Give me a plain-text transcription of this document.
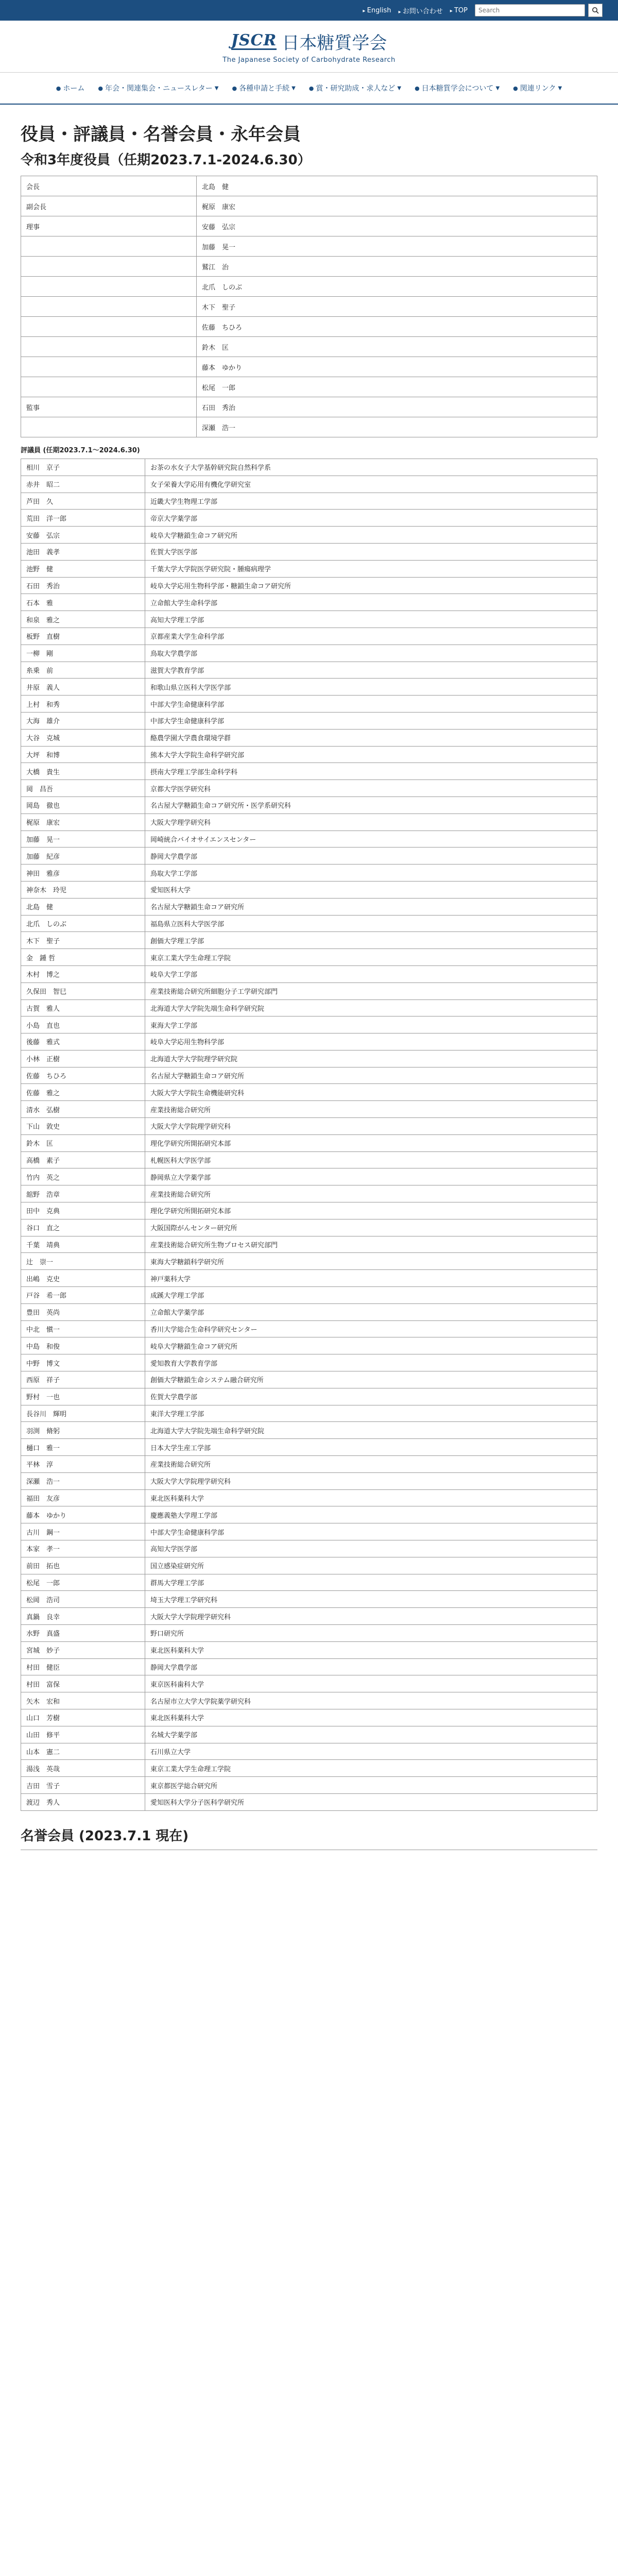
▸ English	▸ お問い合わせ	▸ TOP
Search
JSCR 日本糖質学会
The Japanese Society of Carbohydrate Research
● ホーム ● 年会・関連集会・ニュースレター ▼ ● 各種申請と手続 ▼ ● 賞・研究助成・求人など ▼ ● 日本糖質学会について ▼ ● 関連リンク ▼
役員・評議員・名誉会員・永年会員
令和3年度役員（任期2023.7.1-2024.6.30）
会長	北島　健
副会長	梶原　康宏
理事	安藤　弘宗
	加藤　晃一
	鷲江　治
	北爪　しのぶ
	木下　聖子
	佐藤　ちひろ
	鈴木　匡
	藤本　ゆかり
	松尾　一郎
監事	石田　秀治
	深瀬　浩一
評議員 (任期2023.7.1〜2024.6.30)
相川　京子	お茶の水女子大学基幹研究院自然科学系
赤井　昭二	女子栄養大学応用有機化学研究室
芦田　久	近畿大学生物理工学部
荒田　洋一郎	帝京大学薬学部
安藤　弘宗	岐阜大学糖鎖生命コア研究所
池田　義孝	佐賀大学医学部
池野　健	千葉大学大学院医学研究院・腫瘍病理学
石田　秀治	岐阜大学応用生物科学部・糖鎖生命コア研究所
石本　雅	立命館大学生命科学部
和泉　雅之	高知大学理工学部
板野　直樹	京都産業大学生命科学部
一柳　剛	鳥取大学農学部
糸乗　前	滋賀大学教育学部
井原　義人	和歌山県立医科大学医学部
上村　和秀	中部大学生命健康科学部
大海　雄介	中部大学生命健康科学部
大谷　克城	酪農学園大学農食環境学群
大坪　和博	熊本大学大学院生命科学研究部
大橋　貴生	摂南大学理工学部生命科学科
岡　昌吾	京都大学医学研究科
岡島　徹也	名古屋大学糖鎖生命コア研究所・医学系研究科
梶原　康宏	大阪大学理学研究科
加藤　晃一	岡崎統合バイオサイエンスセンター
加藤　紀彦	静岡大学農学部
神田　雅彦	鳥取大学工学部
神奈木　玲児	愛知医科大学
北島　健	名古屋大学糖鎖生命コア研究所
北爪　しのぶ	福島県立医科大学医学部
木下　聖子	創価大学理工学部
金　鍾 哲	東京工業大学生命理工学院
木村　博之	岐阜大学工学部
久保田　智巳	産業技術総合研究所細胞分子工学研究部門
古賀　雅人	北海道大学大学院先端生命科学研究院
小島　直也	東海大学工学部
後藤　雅式	岐阜大学応用生物科学部
小林　正樹	北海道大学大学院理学研究院
佐藤　ちひろ	名古屋大学糖鎖生命コア研究所
佐藤　雅之	大阪大学大学院生命機能研究科
清水　弘樹	産業技術総合研究所
下山　敦史	大阪大学大学院理学研究科
鈴木　匡	理化学研究所開拓研究本部
高橋　素子	札幌医科大学医学部
竹内　英之	静岡県立大学薬学部
舘野　浩章	産業技術総合研究所
田中　克典	理化学研究所開拓研究本部
谷口　直之	大阪国際がんセンター研究所
千葉　靖典	産業技術総合研究所生物プロセス研究部門
辻　崇一	東海大学糖鎖科学研究所
出嶋　克史	神戸薬科大学
戸谷　希一郎	成蹊大学理工学部
豊田　英尚	立命館大学薬学部
中北　愼一	香川大学総合生命科学研究センター
中島　和俊	岐阜大学糖鎖生命コア研究所
中野　博文	愛知教育大学教育学部
西原　祥子	創価大学糖鎖生命システム融合研究所
野村　一也	佐賀大学農学部
長谷川　輝明	東洋大学理工学部
羽渕　脩躬	北海道大学大学院先端生命科学研究院
樋口　雅一	日本大学生産工学部
平林　淳	産業技術総合研究所
深瀬　浩一	大阪大学大学院理学研究科
福田　友彦	東北医科薬科大学
藤本　ゆかり	慶應義塾大学理工学部
古川　鋼一	中部大学生命健康科学部
本家　孝一	高知大学医学部
前田　拓也	国立感染症研究所
松尾　一郎	群馬大学理工学部
松岡　浩司	埼玉大学理工学研究科
真鍋　良幸	大阪大学大学院理学研究科
水野　真盛	野口研究所
宮城　妙子	東北医科薬科大学
村田　健臣	静岡大学農学部
村田　富保	東京医科歯科大学
矢木　宏和	名古屋市立大学大学院薬学研究科
山口　芳樹	東北医科薬科大学
山田　修平	名城大学薬学部
山本　憲二	石川県立大学
湯浅　英哉	東京工業大学生命理工学院
吉田　雪子	東京都医学総合研究所
渡辺　秀人	愛知医科大学分子医科学研究所
名誉会員 (2023.7.1 現在)
